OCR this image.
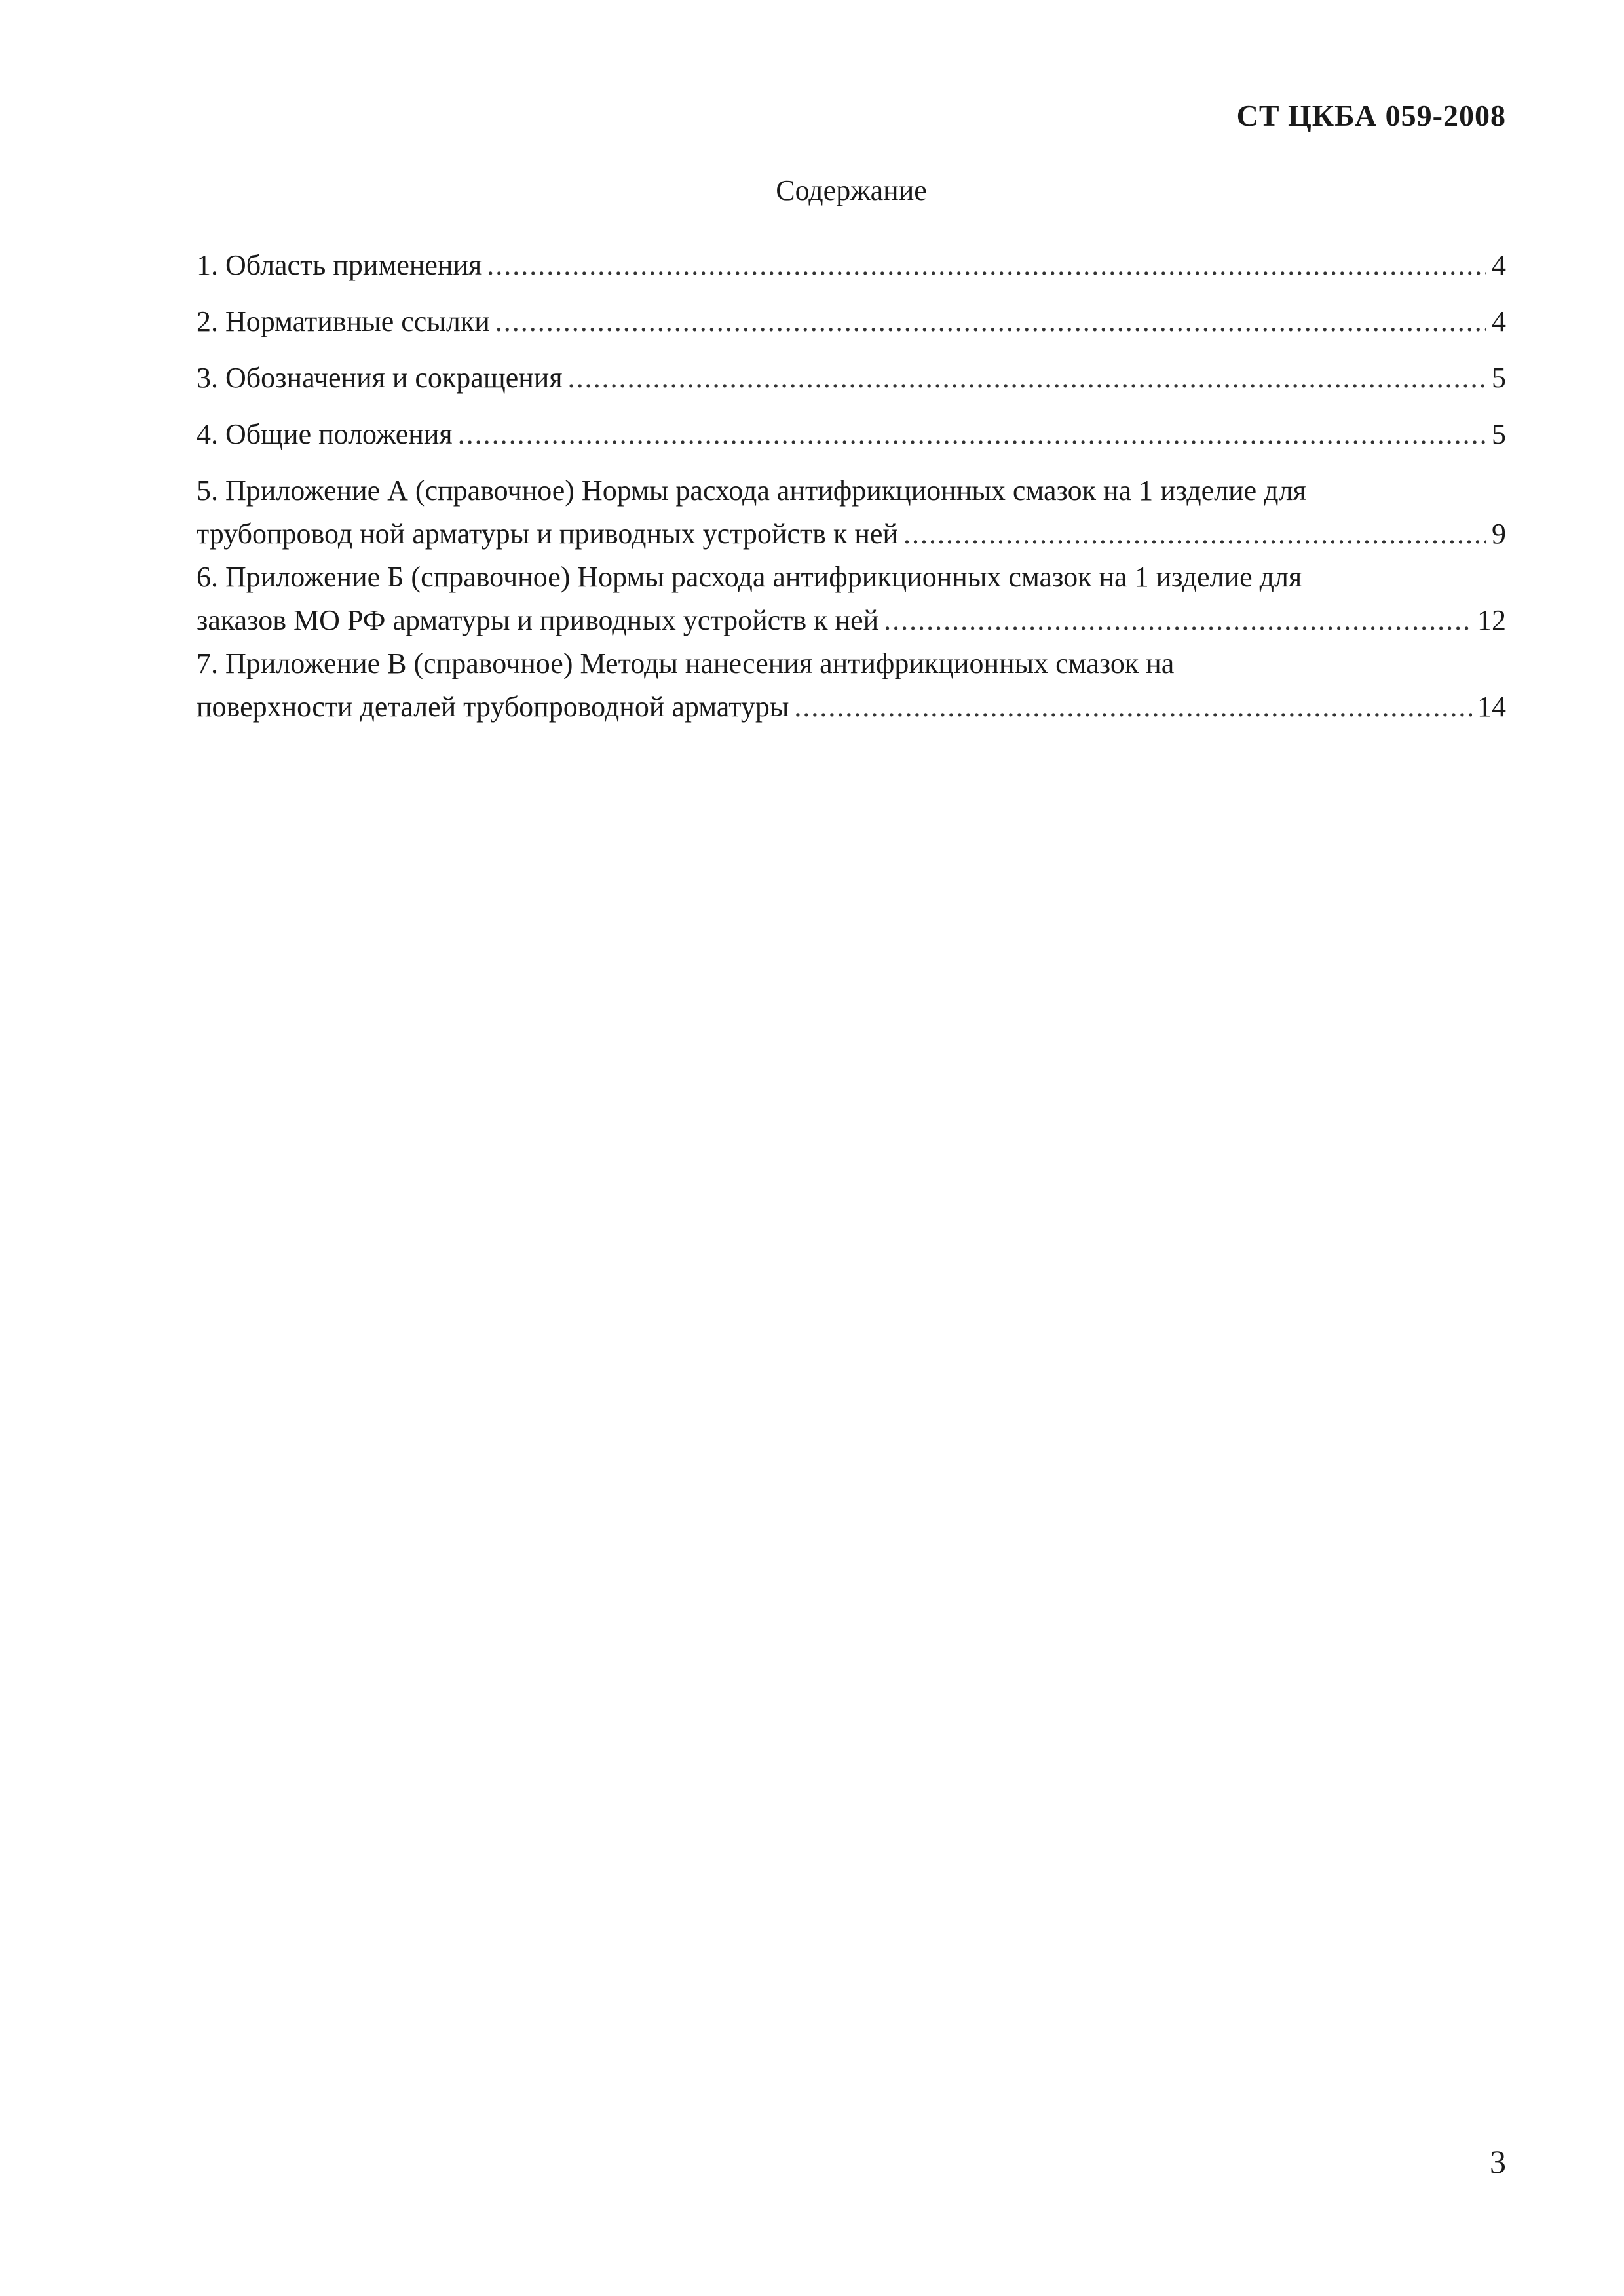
СТ ЦКБА 059-2008
Содержание
1. Область применения .....	4
2. Нормативные ссылки .....	4
3. Обозначения и сокращения .....	5
4. Общие положения .....	5
5. Приложение А (справочное) Нормы расхода антифрикционных смазок на 1 изделие для
трубопровод ной арматуры и приводных устройств к ней .....	9
6. Приложение Б (справочное) Нормы расхода антифрикционных смазок на 1 изделие для
заказов МО РФ арматуры и приводных устройств к ней .....	12
7. Приложение В (справочное) Методы нанесения антифрикционных смазок на
поверхности деталей трубопроводной арматуры .....	14
3
